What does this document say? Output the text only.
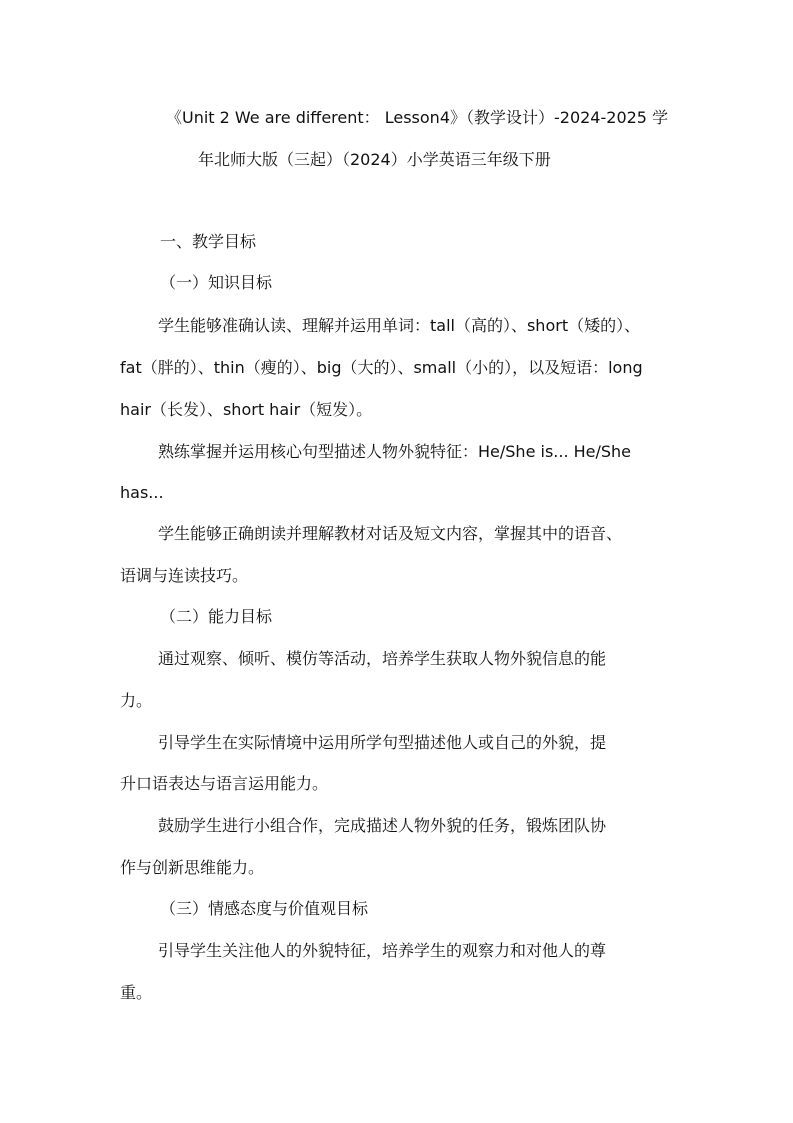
《Unit 2 We are different： Lesson4》（教学设计）-2024-2025 学
年北师大版（三起）（2024）小学英语三年级下册
一、教学目标
（一）知识目标
学生能够准确认读、理解并运用单词：tall（高的）、short（矮的）、
fat（胖的）、thin（瘦的）、big（大的）、small（小的），以及短语：long
hair（长发）、short hair（短发）。
熟练掌握并运用核心句型描述人物外貌特征：He/She is... He/She
has...
学生能够正确朗读并理解教材对话及短文内容，掌握其中的语音、
语调与连读技巧。
（二）能力目标
通过观察、倾听、模仿等活动，培养学生获取人物外貌信息的能
力。
引导学生在实际情境中运用所学句型描述他人或自己的外貌，提
升口语表达与语言运用能力。
鼓励学生进行小组合作，完成描述人物外貌的任务，锻炼团队协
作与创新思维能力。
（三）情感态度与价值观目标
引导学生关注他人的外貌特征，培养学生的观察力和对他人的尊
重。
